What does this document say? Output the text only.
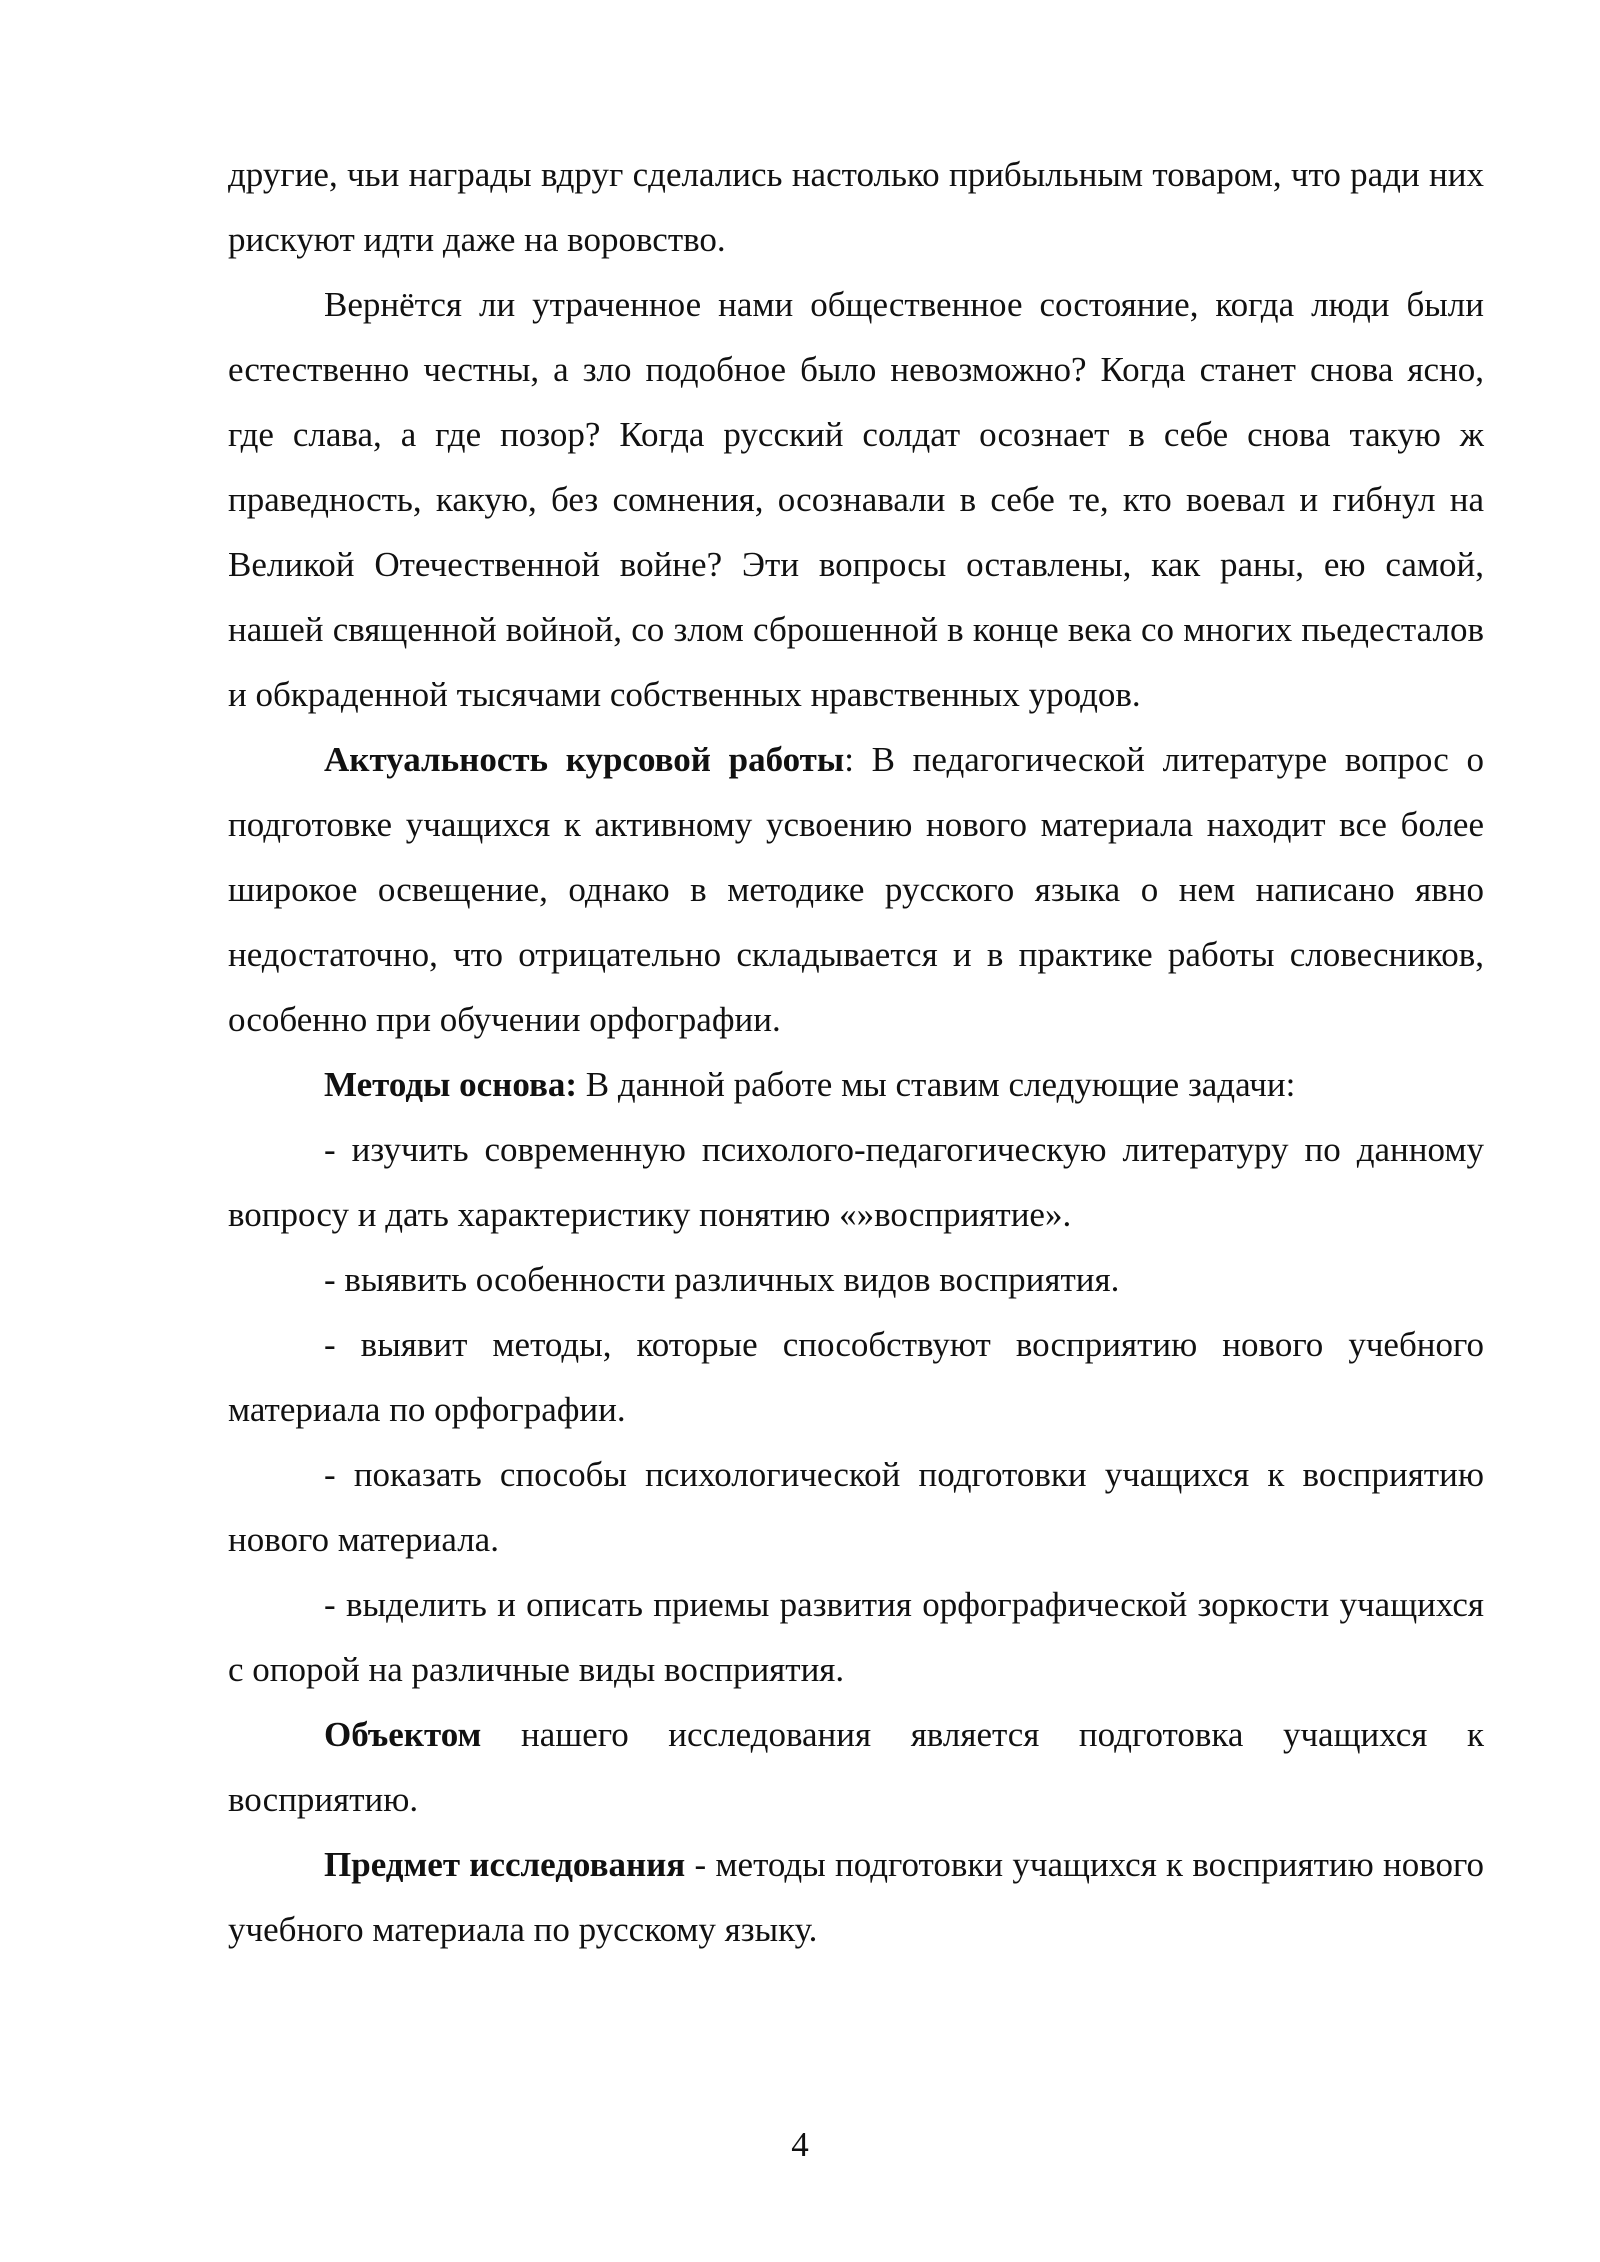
другие, чьи награды вдруг сделались настолько прибыльным товаром, что ради них рискуют идти даже на воровство.

Вернётся ли утраченное нами общественное состояние, когда люди были естественно честны, а зло подобное было невозможно? Когда станет снова ясно, где слава, а где позор? Когда русский солдат осознает в себе снова такую ж праведность, какую, без сомнения, осознавали в себе те, кто воевал и гибнул на Великой Отечественной войне? Эти вопросы оставлены, как раны, ею самой, нашей священной войной, со злом сброшенной в конце века со многих пьедесталов и обкраденной тысячами собственных нравственных уродов.

Актуальность курсовой работы: В педагогической литературе вопрос о подготовке учащихся к активному усвоению нового материала находит все более широкое освещение, однако в методике русского языка о нем написано явно недостаточно, что отрицательно складывается и в практике работы словесников, особенно при обучении орфографии.

Методы основа: В данной работе мы ставим следующие задачи:

- изучить современную психолого-педагогическую литературу по данному вопросу и дать характеристику понятию «»восприятие».

- выявить особенности различных видов восприятия.

- выявит методы, которые способствуют восприятию нового учебного материала по орфографии.

- показать способы психологической подготовки учащихся к восприятию нового материала.

- выделить и описать приемы развития орфографической зоркости учащихся с опорой на различные виды восприятия.

Объектом нашего исследования является подготовка учащихся к восприятию.

Предмет исследования - методы подготовки учащихся к восприятию нового учебного материала по русскому языку.

4
